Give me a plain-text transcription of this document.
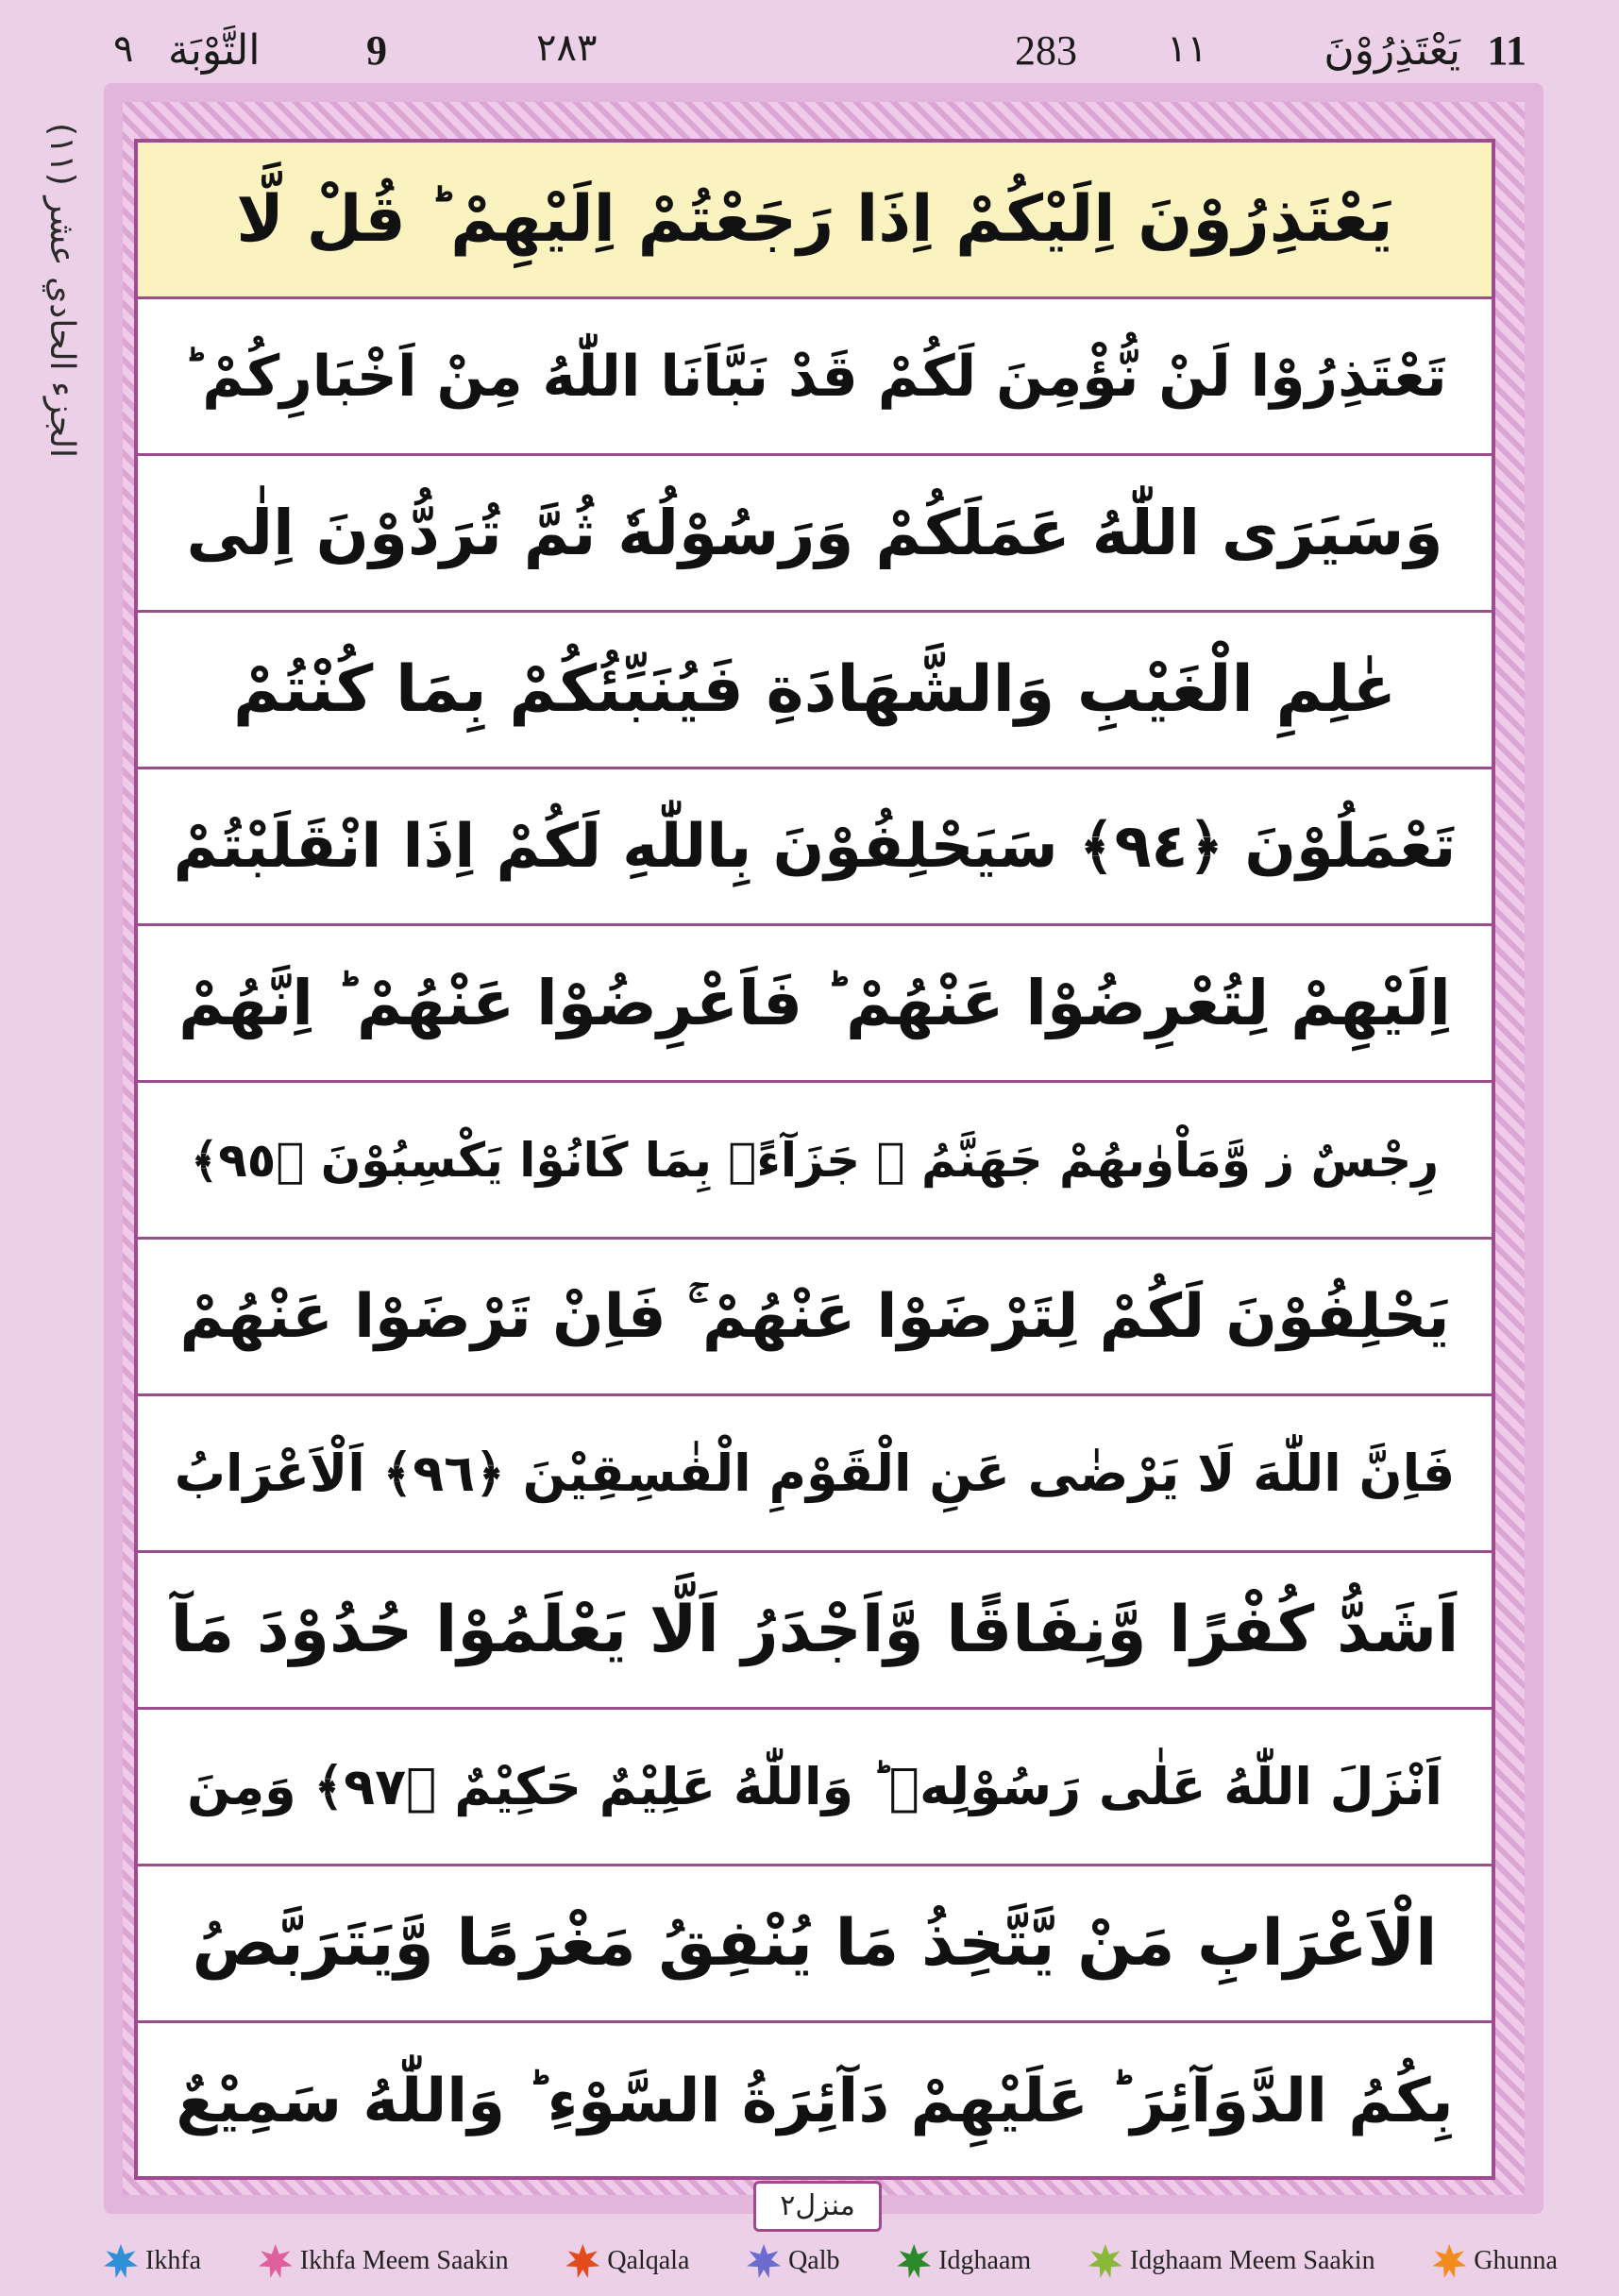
11
يَعْتَذِرُوْنَ
١١
283
٢٨٣
9
التَّوْبَة
٩
الجزء الحادي عشر (١١) يَعْتَذِرُوْنَ اِلَيْكُمْ اِذَا رَجَعْتُمْ اِلَيْهِمْ ؕ قُلْ لَّا
تَعْتَذِرُوْا لَنْ نُّؤْمِنَ لَكُمْ قَدْ نَبَّاَنَا اللّٰهُ مِنْ اَخْبَارِكُمْ ؕ
وَسَيَرَى اللّٰهُ عَمَلَكُمْ وَرَسُوْلُهٗ ثُمَّ تُرَدُّوْنَ اِلٰى
عٰلِمِ الْغَيْبِ وَالشَّهَادَةِ فَيُنَبِّئُكُمْ بِمَا كُنْتُمْ
تَعْمَلُوْنَ ﴿٩٤﴾ سَيَحْلِفُوْنَ بِاللّٰهِ لَكُمْ اِذَا انْقَلَبْتُمْ
اِلَيْهِمْ لِتُعْرِضُوْا عَنْهُمْ ؕ فَاَعْرِضُوْا عَنْهُمْ ؕ اِنَّهُمْ
رِجْسٌ ز وَّمَاْوٰىهُمْ جَهَنَّمُ ۚ جَزَآءًۢ بِمَا كَانُوْا يَكْسِبُوْنَ ﴿٩٥﴾
يَحْلِفُوْنَ لَكُمْ لِتَرْضَوْا عَنْهُمْ ۚ فَاِنْ تَرْضَوْا عَنْهُمْ
فَاِنَّ اللّٰهَ لَا يَرْضٰى عَنِ الْقَوْمِ الْفٰسِقِيْنَ ﴿٩٦﴾ اَلْاَعْرَابُ
اَشَدُّ كُفْرًا وَّنِفَاقًا وَّاَجْدَرُ اَلَّا يَعْلَمُوْا حُدُوْدَ مَآ
اَنْزَلَ اللّٰهُ عَلٰى رَسُوْلِهٖ ؕ وَاللّٰهُ عَلِيْمٌ حَكِيْمٌ ﴿٩٧﴾ وَمِنَ
الْاَعْرَابِ مَنْ يَّتَّخِذُ مَا يُنْفِقُ مَغْرَمًا وَّيَتَرَبَّصُ
بِكُمُ الدَّوَآئِرَ ؕ عَلَيْهِمْ دَآئِرَةُ السَّوْءِ ؕ وَاللّٰهُ سَمِيْعٌ
منزل٢
Ikhfa	Ikhfa Meem Saakin	Qalqala	Qalb	Idghaam	Idghaam Meem Saakin	Ghunna
